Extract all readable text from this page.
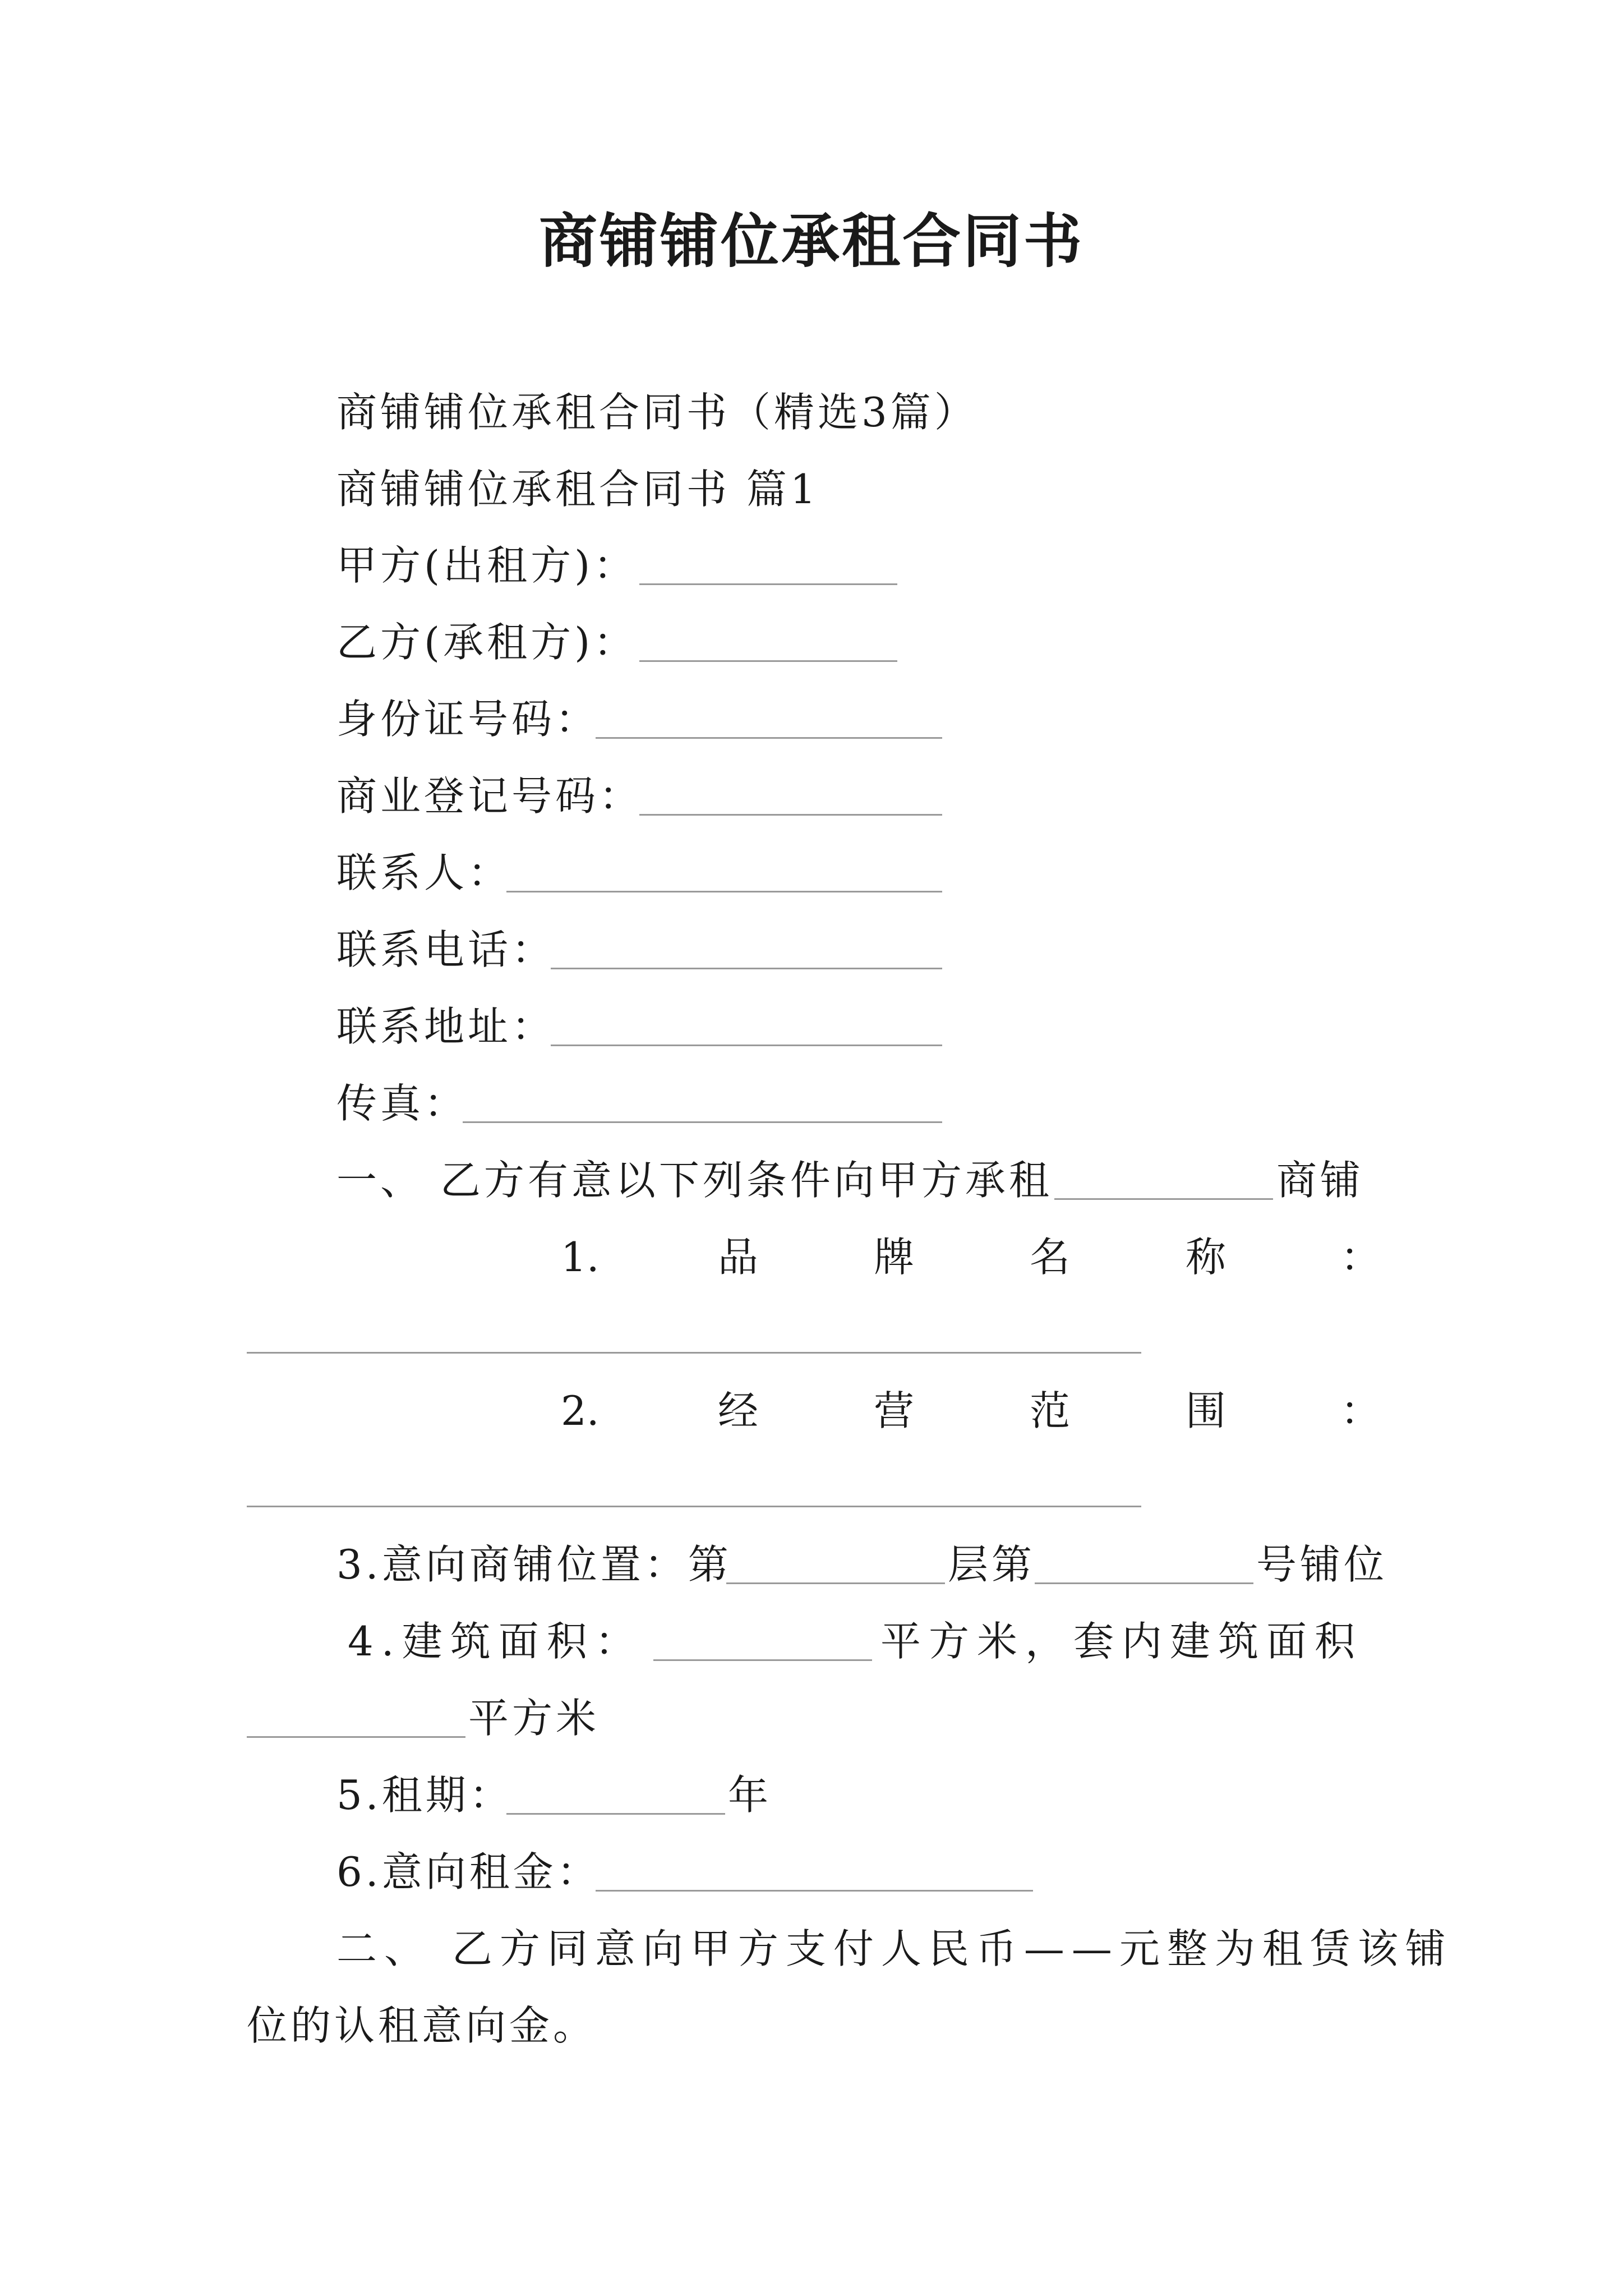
商铺铺位承租合同书
商铺铺位承租合同书（精选3篇）
商铺铺位承租合同书 篇1
甲方(出租方)：
乙方(承租方)：
身份证号码：
商业登记号码：
联系人：
联系电话：
联系地址：
传真：
一、 乙方有意以下列条件向甲方承租	商铺
1.	品	牌	名	称	：
2.	经	营	范	围	：
3.意向商铺位置：第	层第	号铺位
4.建筑面积：	平方米，套内建筑面积
平方米
5.租期：	年
6.意向租金：
二、 乙方同意向甲方支付人民币——元整为租赁该铺
位的认租意向金。
